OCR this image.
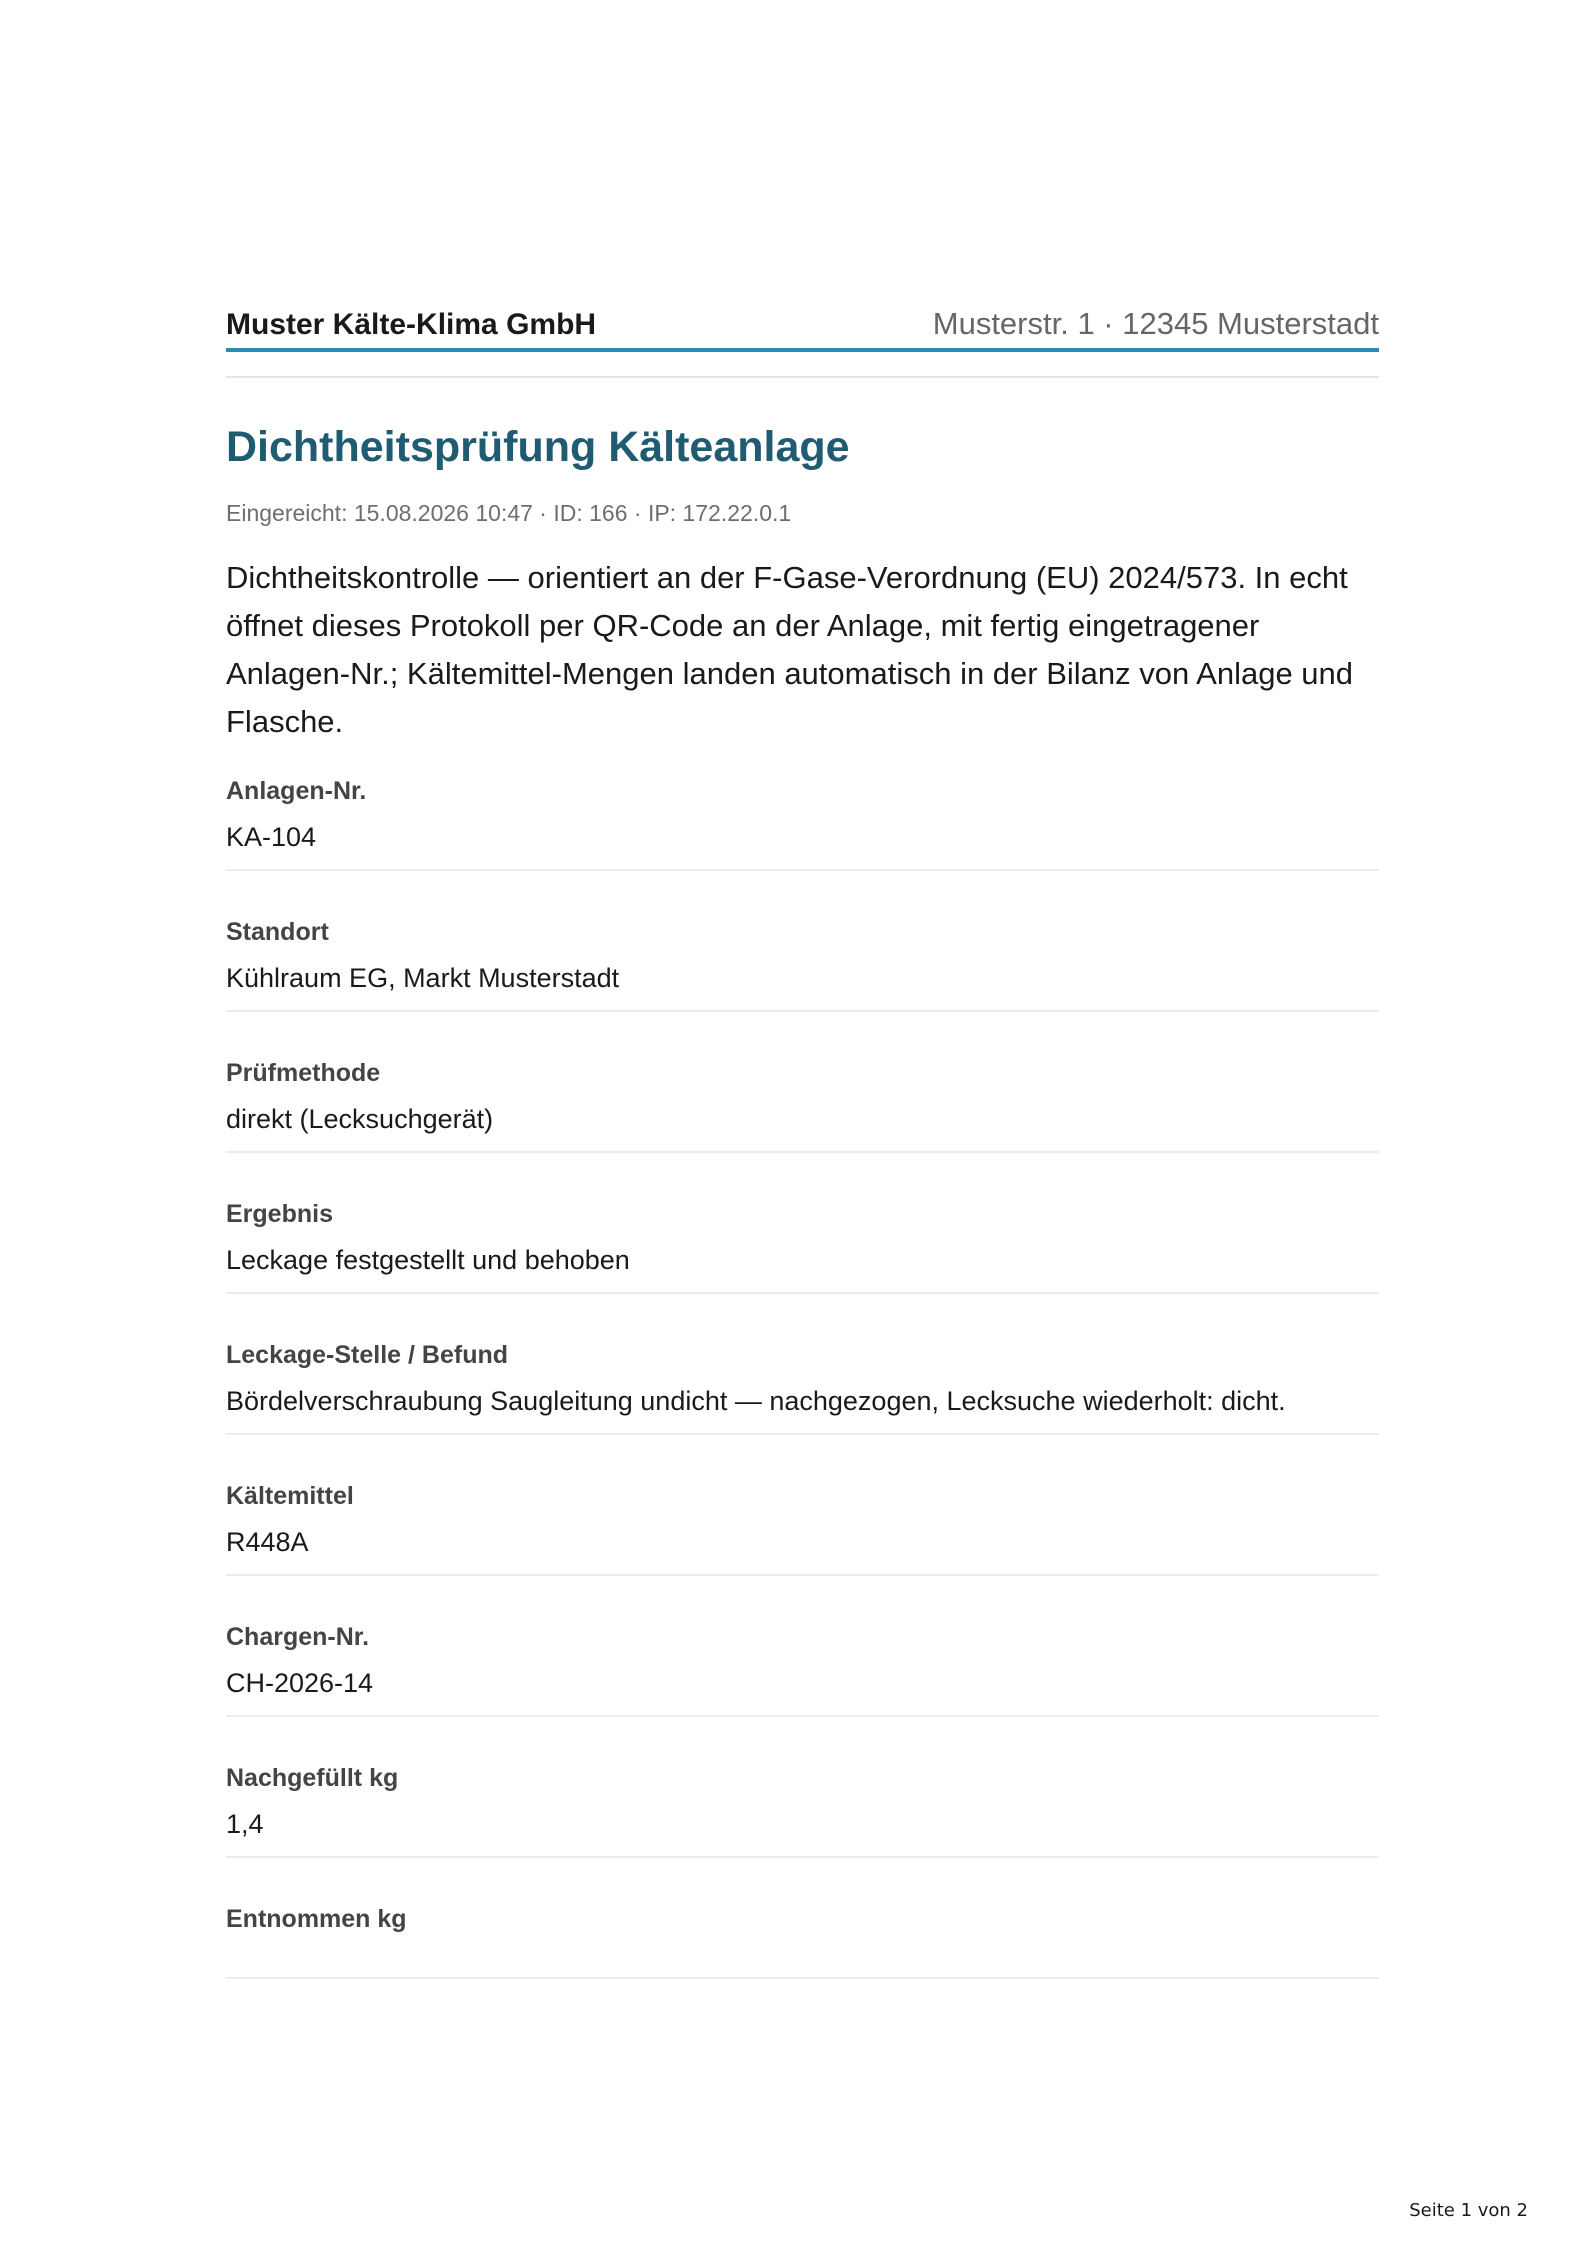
Muster Kälte-Klima GmbH	Musterstr. 1 · 12345 Musterstadt
Dichtheitsprüfung Kälteanlage
Eingereicht: 15.08.2026 10:47 · ID: 166 · IP: 172.22.0.1

Dichtheitskontrolle — orientiert an der F-Gase-Verordnung (EU) 2024/573. In echt öffnet dieses Protokoll per QR-Code an der Anlage, mit fertig eingetragener Anlagen-Nr.; Kältemittel-Mengen landen automatisch in der Bilanz von Anlage und Flasche.

Anlagen-Nr.
KA-104
Standort
Kühlraum EG, Markt Musterstadt
Prüfmethode
direkt (Lecksuchgerät)
Ergebnis
Leckage festgestellt und behoben
Leckage-Stelle / Befund
Bördelverschraubung Saugleitung undicht — nachgezogen, Lecksuche wiederholt: dicht.
Kältemittel
R448A
Chargen-Nr.
CH-2026-14
Nachgefüllt kg
1,4
Entnommen kg
Seite 1 von 2
